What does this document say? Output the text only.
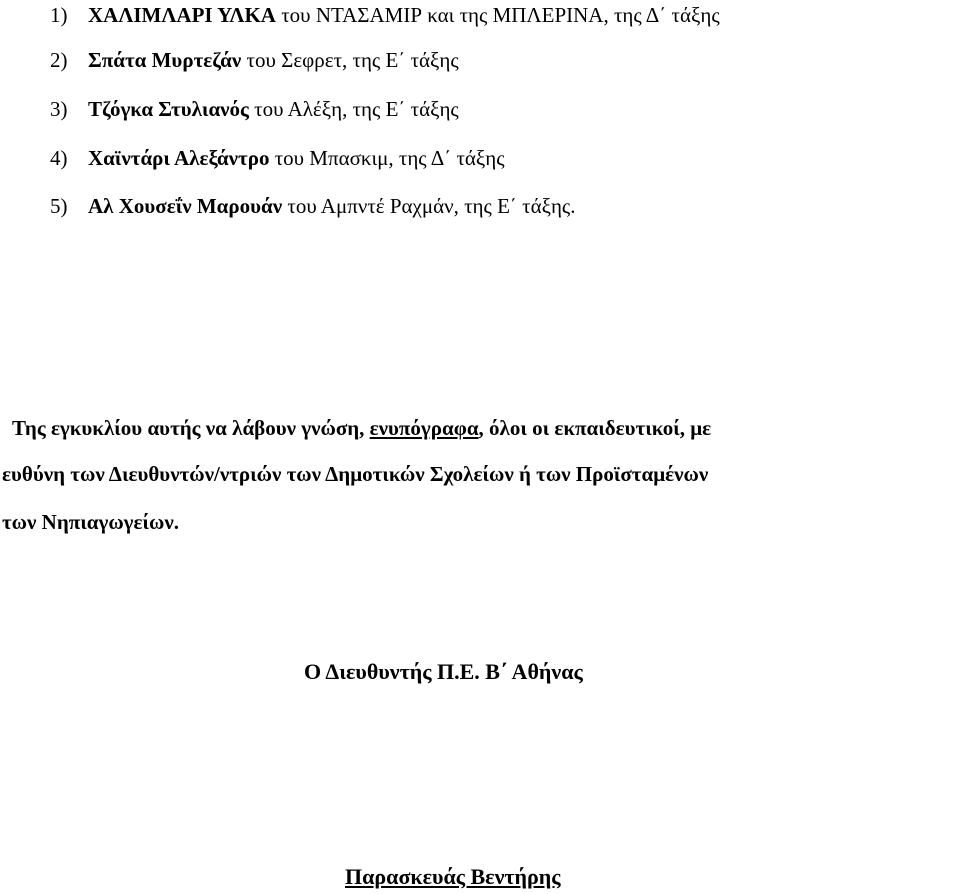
1) ΧΑΛΙΜΛΑΡΙ ΥΛΚΑ του ΝΤΑΣΑΜΙΡ και της ΜΠΛΕΡΙΝΑ, της Δ΄ τάξης
2) Σπάτα Μυρτεζάν του Σεφρετ, της Ε΄ τάξης
3) Τζόγκα Στυλιανός του Αλέξη, της Ε΄ τάξης
4) Χαϊντάρι Αλεξάντρο του Μπασκιμ, της Δ΄ τάξης
5) Αλ Χουσεΐν Μαρουάν του Αμπντέ Ραχμάν, της Ε΄ τάξης.
Της εγκυκλίου αυτής να λάβουν γνώση, ενυπόγραφα, όλοι οι εκπαιδευτικοί, με
ευθύνη των Διευθυντών/ντριών των Δημοτικών Σχολείων ή των Προϊσταμένων
των Νηπιαγωγείων.
Ο Διευθυντής Π.Ε. Β΄ Αθήνας
Παρασκευάς Βεντήρης
